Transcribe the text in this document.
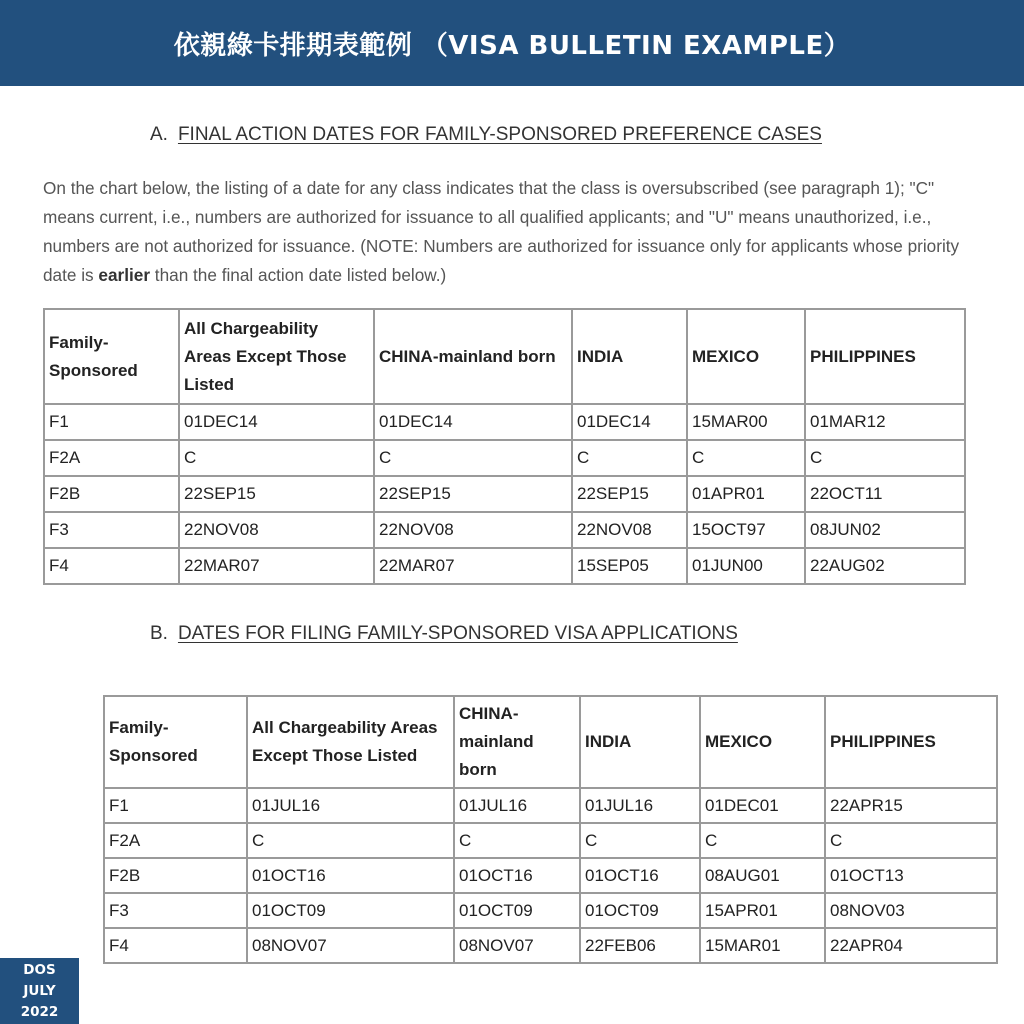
依親綠卡排期表範例 （VISA BULLETIN EXAMPLE）
A. FINAL ACTION DATES FOR FAMILY-SPONSORED PREFERENCE CASES
On the chart below, the listing of a date for any class indicates that the class is oversubscribed (see paragraph 1); "C" means current, i.e., numbers are authorized for issuance to all qualified applicants; and "U" means unauthorized, i.e., numbers are not authorized for issuance. (NOTE: Numbers are authorized for issuance only for applicants whose priority date is earlier than the final action date listed below.)
Family-Sponsored	All Chargeability Areas Except Those Listed	CHINA-mainland born	INDIA	MEXICO	PHILIPPINES
F1	01DEC14	01DEC14	01DEC14	15MAR00	01MAR12
F2A	C	C	C	C	C
F2B	22SEP15	22SEP15	22SEP15	01APR01	22OCT11
F3	22NOV08	22NOV08	22NOV08	15OCT97	08JUN02
F4	22MAR07	22MAR07	15SEP05	01JUN00	22AUG02
B. DATES FOR FILING FAMILY-SPONSORED VISA APPLICATIONS
Family-Sponsored	All Chargeability Areas Except Those Listed	CHINA-mainland born	INDIA	MEXICO	PHILIPPINES
F1	01JUL16	01JUL16	01JUL16	01DEC01	22APR15
F2A	C	C	C	C	C
F2B	01OCT16	01OCT16	01OCT16	08AUG01	01OCT13
F3	01OCT09	01OCT09	01OCT09	15APR01	08NOV03
F4	08NOV07	08NOV07	22FEB06	15MAR01	22APR04
DOS
JULY
2022
